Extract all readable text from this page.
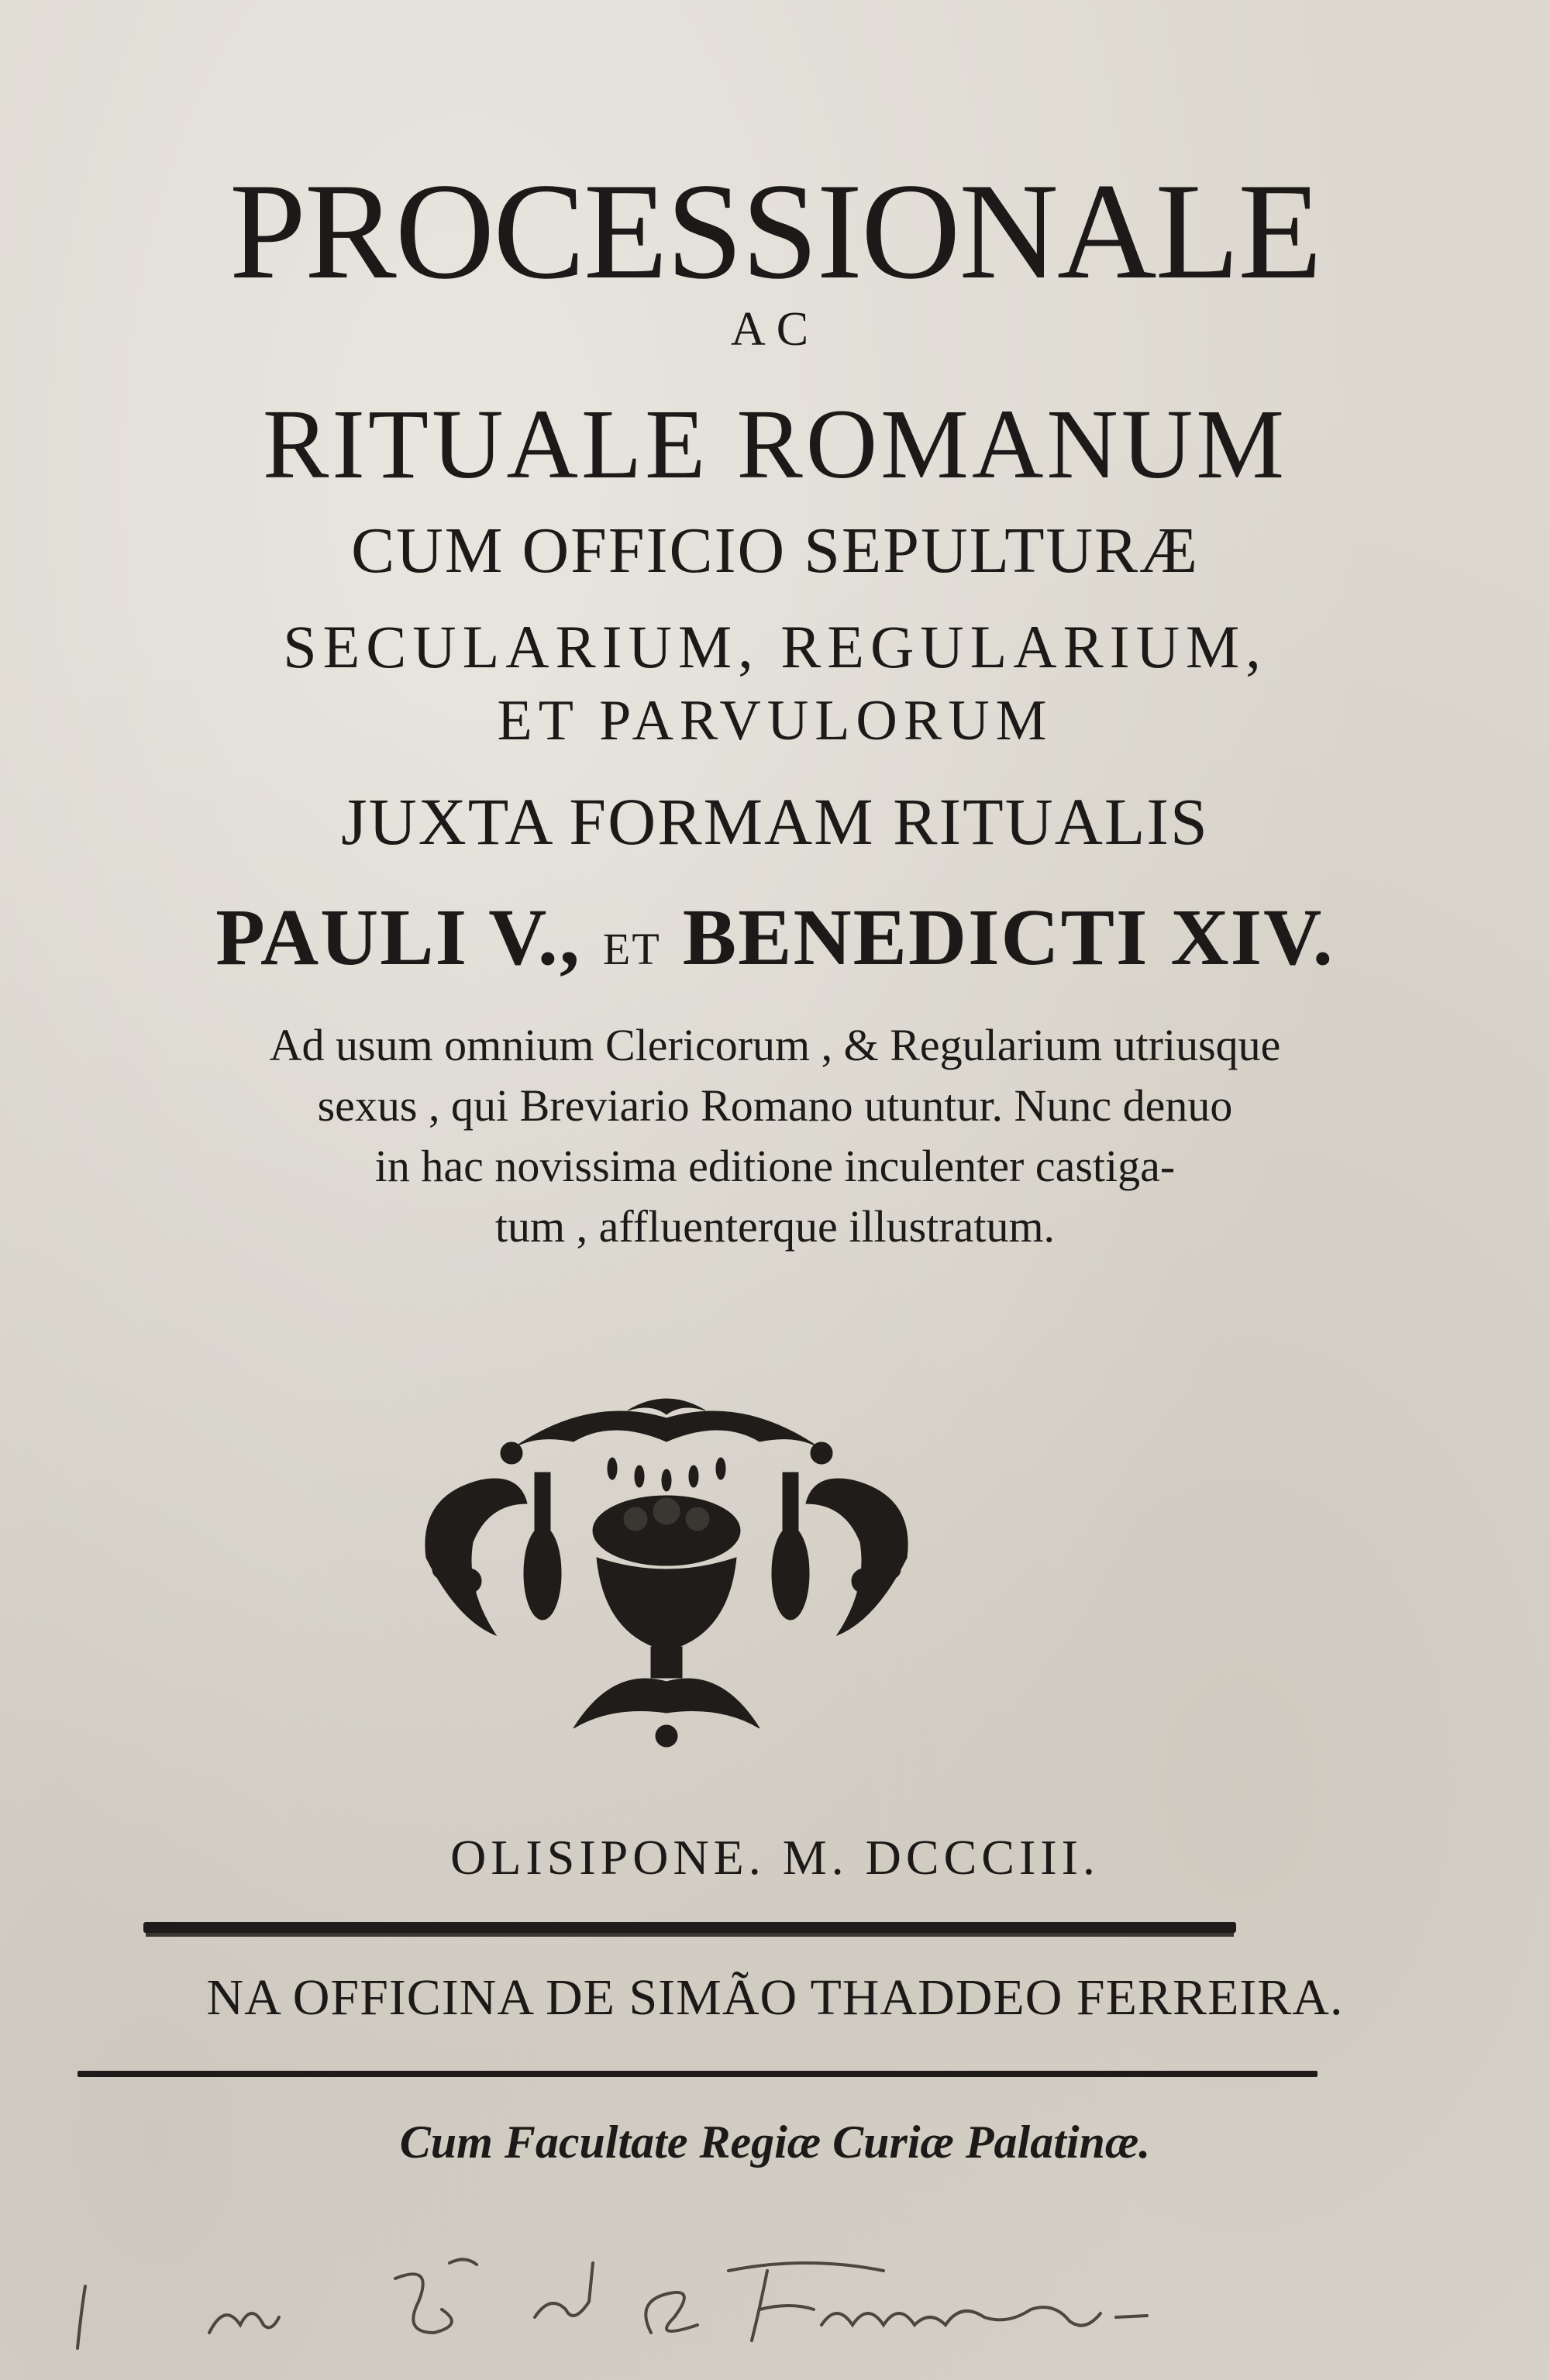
PROCESSIONALE

AC

RITUALE ROMANUM

CUM OFFICIO SEPULTURÆ

SECULARIUM, REGULARIUM,

ET PARVULORUM

JUXTA FORMAM RITUALIS

PAULI V., ET BENEDICTI XIV.

Ad usum omnium Clericorum , & Regularium utriusque
sexus , qui Breviario Romano utuntur. Nunc denuo
in hac novissima editione inculenter castiga-
tum , affluenterque illustratum.

OLISIPONE. M. DCCCIII.

NA OFFICINA DE SIMÃO THADDEO FERREIRA.

Cum Facultate Regiæ Curiæ Palatinæ.
